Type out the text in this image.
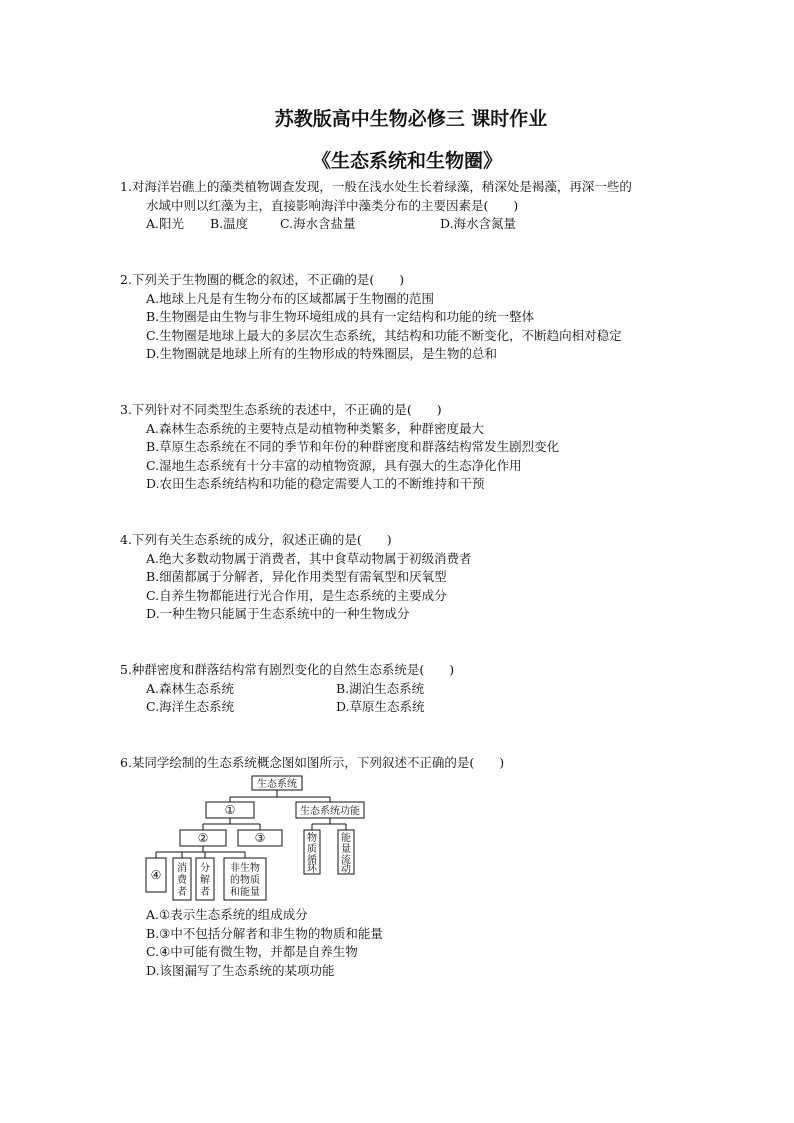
苏教版高中生物必修三 课时作业
《生态系统和生物圈》

1.对海洋岩礁上的藻类植物调查发现，一般在浅水处生长着绿藻，稍深处是褐藻，再深一些的

水域中则以红藻为主，直接影响海洋中藻类分布的主要因素是(　　)

A.阳光 B.温度	C.海水含盐量	D.海水含氮量

2.下列关于生物圈的概念的叙述，不正确的是(　　)

A.地球上凡是有生物分布的区域都属于生物圈的范围

B.生物圈是由生物与非生物环境组成的具有一定结构和功能的统一整体

C.生物圈是地球上最大的多层次生态系统，其结构和功能不断变化，不断趋向相对稳定

D.生物圈就是地球上所有的生物形成的特殊圈层，是生物的总和

3.下列针对不同类型生态系统的表述中，不正确的是(　　)

A.森林生态系统的主要特点是动植物种类繁多，种群密度最大

B.草原生态系统在不同的季节和年份的种群密度和群落结构常发生剧烈变化

C.湿地生态系统有十分丰富的动植物资源，具有强大的生态净化作用

D.农田生态系统结构和功能的稳定需要人工的不断维持和干预

4.下列有关生态系统的成分，叙述正确的是(　　)

A.绝大多数动物属于消费者，其中食草动物属于初级消费者

B.细菌都属于分解者，异化作用类型有需氧型和厌氧型

C.自养生物都能进行光合作用，是生态系统的主要成分

D.一种生物只能属于生态系统中的一种生物成分

5.种群密度和群落结构常有剧烈变化的自然生态系统是(　　)

A.森林生态系统	B.湖泊生态系统

C.海洋生态系统	D.草原生态系统

6.某同学绘制的生态系统概念图如图所示，下列叙述不正确的是(　　)

生态系统
①	生态系统功能
②	③
④ 消
费
者
分
解
者
非生物
的物质
和能量
物
质
循
环
能
量
流
动

A.①表示生态系统的组成成分

B.③中不包括分解者和非生物的物质和能量

C.④中可能有微生物，并都是自养生物

D.该图漏写了生态系统的某项功能
